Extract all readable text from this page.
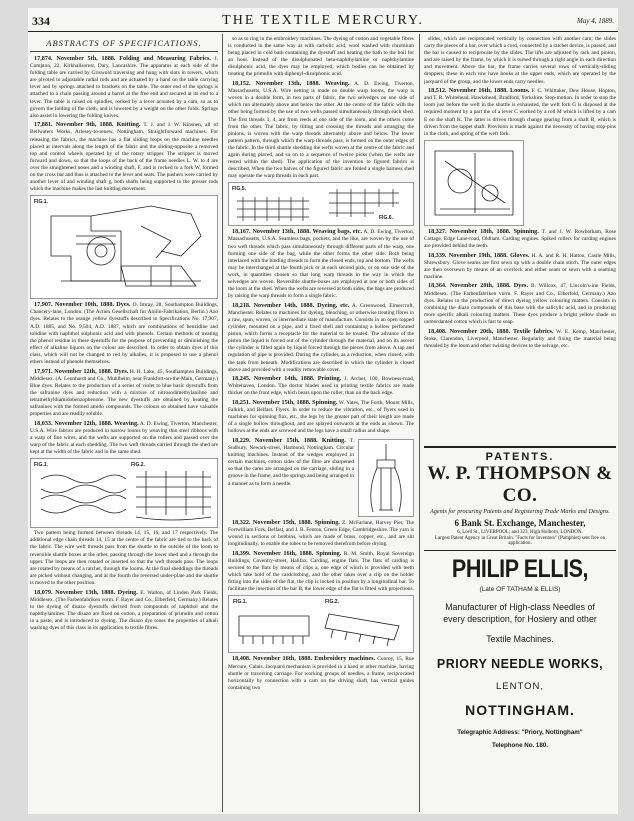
334	THE TEXTILE MERCURY.	May 4, 1889.
ABSTRACTS OF SPECIFICATIONS.

17,874. November 5th, 1888. Folding and Measuring Fabrics. J. Compton, 22, Kirkhallsorest, Dary, Lancashire. The apparatus at each side of the folding table are carried by Griswold traversing and hung with slots in towers, which are pivoted to adjustable radial rods and are actuated by a hand on the table carrying lever and by springs attached to brackets on the table. The outer end of the springs is attached to a chain passing around a barrel at the free end and secured at its end to a lever. The table is raised on spindles, rocked by a lever actuated by a cam, so as to govern the folding of the cloth, and is lowered by a weight on the other folds. Springs also assist in lowering the folding knives.

17,881. November 9th, 1888. Knitting. T. J. and J. W. Kinsnen, all of Bellwaters Works, Arlesey-to-renew, Nottingham. Straightforward machines. For releasing the fabrics, the machine has a flat sliding loops on the machine needles placed at intervals along the length of the fabric and the sliding-opposite a removed top and control wheels operated by of the rotary stripper. The stripper is moved forward and down, so that the loops of the back of the frame needles L. W. to 4 are over the straightened noses and a winding shaft, F, and is rocked to a fork W, formed on the cross bar and thus is attached to the lever and seats. The pushers were carried by another lever of and winding shaft g, both shafts being supported to the presser rods which the machine makes the last knitting movement.

FIG.1.

17,907. November 10th, 1888. Dyes. O. Imray, 28, Southampton Buildings, Chancery-lane, London. (The Actien Gesellschaft fur Anilin-Fabrikation, Berlin.) Azo dyes. Relates to the orange yellow dyestuffs described in Specifications No. 17,907, A.D. 1885, and No. 9,504, A.D. 1887, which are combinations of benzidine and tolidine with naphthol sulphonic acid and with phenols. Certain methods of treating the phenol residue in these dyestuffs for the purpose of preventing or diminishing the effect of alkaline liquors on the colour are described. In order to obtain dyes of this class, which will not be changed to red by alkalies, it is proposed to use a phenol ethers instead of phenols themselves.

17,971. November 12th, 1888. Dyes. H. H. Lake, 45, Southampton Buildings, Middlesex. (A. Leonhardt and Co., Muhlheim, near Frankfort-on-the-Main, Germany.) Blue dyes. Relates to the production of a series of violet to blue basic dyestuffs from the safranine dyes and reduction with a mixture of nitrosodimethylaniline and tetramethyldiamidobenzophenone. The new dyestuffs are obtained by heating the safranines with the formed amido compounds. The colours so obtained have valuable properties and are readily soluble.

18,033. November 12th, 1888. Weaving. A. D. Ewing, Tiverton, Manchester, U.S.A. Wire fabrics are produced in narrow looms by weaving thin steel ribbons with a warp of fine wires, and the wefts are supported on the rollers and passed over the warp of the fabric at each shedding. The two weft threads carried through the shed are kept at the width of the fabric and in the same shed.

FIG.1.	FIG.2.

Two pattern being formed between threads 14, 15, 16, and 17 respectively. The additional edge chain threads 14, 15 at the centre of the fabric are tied to the back of the fabric. The wire weft threads pass from the shuttle to the outside of the loom to reversible shuttle boxes at the other, passing through the lower shed and a through the upper. The loops are then rotated or inserted so that the weft threads pass. The loops are rotated by means of a ratchet, through the looms. At the final sheddings the threads are picked without changing, and at the fourth the reversed under-plate and the shuttle is moved to the other position.

18,079. November 13th, 1888. Dyeing. E. Walton, of Linden Park Fields, Middlesex. (The Farbenfabriken vorm. F. Bayer and Co., Elberfeld, Germany.) Relates to the dyeing of disazo dyestuffs derived from compounds of naphthol and the naphthylamines. The disazo are fixed on cotton, a preparation of primulin and cotton in a paste, and is introduced to dyeing. The disazo dye tones the properties of alkali washing dyes of this class in its application to textile fibres.

so as to ring in the embroidery machines. The dyeing of cotton and vegetable fibres is conducted in the same way as with carbolic acid, wool washed with chromium being placed in cold bath containing the dyestuff and heating the bath to the boil for an hour. Instead of the disulphonated beta-naphthylamine or naphthylamine disulphonic acid, the dyes may be employed, which bodies can be obtained by treating the primulin with diphenyl-disulphonic acid.

18,152. November 13th, 1888. Weaving. A. D. Ewing, Tiverton, Massachusetts, U.S.A. Wire netting is made on double warp looms, the warp is woven in a double form, in two parts of fabric, the two selvedges on one side of which run alternately above and below the other. At the centre of the fabric with the other being formed by the use of two wefts passed simultaneously through each shed. The first threads 3, 4, are from reeds at one side of the loom, and the others come from the other. The fabric, by tilting and crossing the threads and arranging the pinions, is woven with the warp threads alternately above and below. The lower pattern pattern, through which the warp threads pass, is formed on the outer edges of the fabric. In the third shuttle shedding the wefts woven at the centre of the fabric and again during placed, and so on to a sequence of twelve picks (when the wefts are rested within the shed). The application of the invention to figured fabrics is described, When the two halves of the figured fabric are folded a single harness shed may operate the warp threads in each part.

FIG.5.
FIG.6.

18,167. November 13th, 1888. Weaving bags, etc. A. D. Ewing, Tiverton, Massachusetts, U.S.A. Seamless bags, pockets, and the like, are woven by the use of two weft threads which pass simultaneously through different parts of the warp, one forming one side of the bag, while the other forms the other side. Both being interlaced with the binding threads to form the closed ends, top and bottom. The wefts may be interchanged at the fourth pick or at each second pick, or on one side of the work, in quantities chosen so that long warp threads in the way in which the selvedges are woven. Reversible shuttle-boxes are employed at one or both sides of the loom at the shed. When the wefts are reversed at both sides, the bags are produced by raising the warp threads to form a single fabric.

18,218. November 14th, 1888. Dyeing, etc. A. Greenwood, Elmercroft, Manchester. Relates to machines for dyeing, bleaching, or otherwise treating fibres in a raw, spun, woven, or intermediate state of manufacture. Consists in an open topped cylinder, mounted on a pipe, and a fixed shell and containing a hollow perforated piston, which forms a receptacle for the material to be treated. The advance of the piston the liquid is forced out of the cylinder through the material, and on its ascent the cylinder is filled again by liquid forced through the pieces from above. A tap and regulation of pipe is provided. During the cylinder, as a reduction, when closed, with the tank from beneath. Modifications are described in which the cylinder is closed above and provided with a readily removable cover.

18,245. November 14th, 1888. Printing. J. Archer, 100, Bowness-road, Whitehaven, London. The doctor blades used in printing textile fabrics are made thicker on the front edge, which bears upon the roller, than on the back edge.

18,251. November 15th, 1888. Spinning. W. Yates, The Forth, Mount Mills, Falkirk, and Belfast. Flyers. In order to reduce the vibration, etc., of flyers used in machines for spinning flax, etc., the legs by the greater part of their length are made of a single hollow throughout, and are splayed outwards at the ends as shown. The hollows at the ends are screwed and the legs have a small radius and shape.

18,229. November 15th, 1888. Knitting. T. Sudbury, Newark-street, Harmond, Nottingham. Circular knitting machines. Instead of the wedges employed in certain machines, cotton sides of the fibre are sharpened so that the cams are arranged on the carriage, sliding in a groove in the frame, and the springs and being arranged in a manner as to form a needle.

18,322. November 15th, 1888. Spinning. Z. McFarlane, Harvey Pier, The Fortwilliam Fork, Belfast, and J. B. Fenton, Green Edge, Cambridgeshire. The yarn is wound in sections or bobbins, which are made of brass, copper, etc., and are slit longitudinally, to enable the tubes to be removed therefrom before drying.

18,399. November 16th, 1888. Spinning. R. M. Smith, Royal Sovereign Buildings, Coventry-street, Halifax. Carding, engine flats. The flats of carding is secured to the flats by means of clips a, one edge of which is provided with teeth which take hold of the cardclothing, and the other takes over a clip on the holder fitting into the sides of the flat, the clip is locked in position by a longitudinal bar. To facilitate the insertion of the bar B, the lower edge of the flat is fitted with projections.

FIG.1.	FIG.2.

18,408. November 16th, 1888. Embroidery machines. Conroy, 15, Rue Mercure, Calais. Jacquard mechanism is provided in a hand or other machine, having shuttle or traversing carriage. For working groups of needles, a frame, reciprocated horizontally by connection with a cam on the driving shaft, has vertical guides containing two

slides, which are reciprocated vertically by connection with another cam; the slides carry the pieces of a bar, over which a cord, connected by a ratchet device, is passed, and the bar is caused to reciprocate by the slides. The lifts are adjusted by rack and pinion, and are raised by the frame, by which it is turned through a right angle in each direction and movement. Above the bar, the frame carries several rows of vertically-sliding droppers; these in each row have hooks at the upper ends, which are operated by the jacquard of the group, and the lower ends carry needles.

18,512. November 16th, 1888. Looms. F. C. Whittaker, Dew House, Hopton, and T. R. Whitehead, Hawkshead, Bradford, Yorkshire. Stop-motion. In order to stop the loom just before the weft in the shuttle is exhausted, the weft fork G is disposed at the required moment by a part the of a lever C worked by a rod M which is lifted by a cam E on the shaft K. The latter is driven through change gearing from a shaft B, which is driven from the tappet shaft. Provision is made against the necessity of having stop-pins in the cloth, and spring of the weft fork.

18,327. November 18th, 1888. Spinning. T. and J. W. Rowbotham, Rose Cottage, Edge Lane-road, Oldham. Carding engines. Spiked rollers for carding engines are provided behind the teeth.

18,339. November 19th, 1888. Gloves. H. A. and R. H. Hatton, Castle Mills, Shrewsbury. Glove seams are first sewn up with a double chain stitch. The outer edges are then oversewn by means of an overlock and either seam or sewn with a seaming machine.

18,364. November 20th, 1888. Dyes. B. Willcox, 47, Lincoln's-inn Fields, Middlesex. (The Farbenfabriken vorm. F. Bayer and Co., Elberfeld, Germany.) Azo dyes. Relates to the production of direct dyeing yellow colouring matters. Consists in combining the diazo compounds of this base with the salicylic acid, and in producing more specific alkali colouring matters. These dyes produce a bright yellow shade on unmordanted cotton which is fast to soap.

18,408. November 20th, 1888. Textile fabrics. W. E. Kemp, Manchester, Stoke, Clarendon, Liverpool, Manchester. Regularity and fixing the material being threaded by the loom and other twisting devices to the selvage, etc.

PATENTS.
W. P. THOMPSON & CO.
Agents for procuring Patents and Registering Trade Marks and Designs.
6 Bank St. Exchange, Manchester,
6, Lord St., LIVERPOOL; and 323, High Holborn, LONDON.
Largest Patent Agency in Great Britain. "Facts for Inventors" (Pamphlet) sent free on application.
PHILIP ELLIS,
(Late OF TATHAM & ELLIS)
Manufacturer of High-class Needles of
every description, for Hosiery and other
Textile Machines.
PRIORY NEEDLE WORKS,
LENTON,
NOTTINGHAM.
Telegraphic Address: "Priory, Nottingham"
Telephone No. 180.
